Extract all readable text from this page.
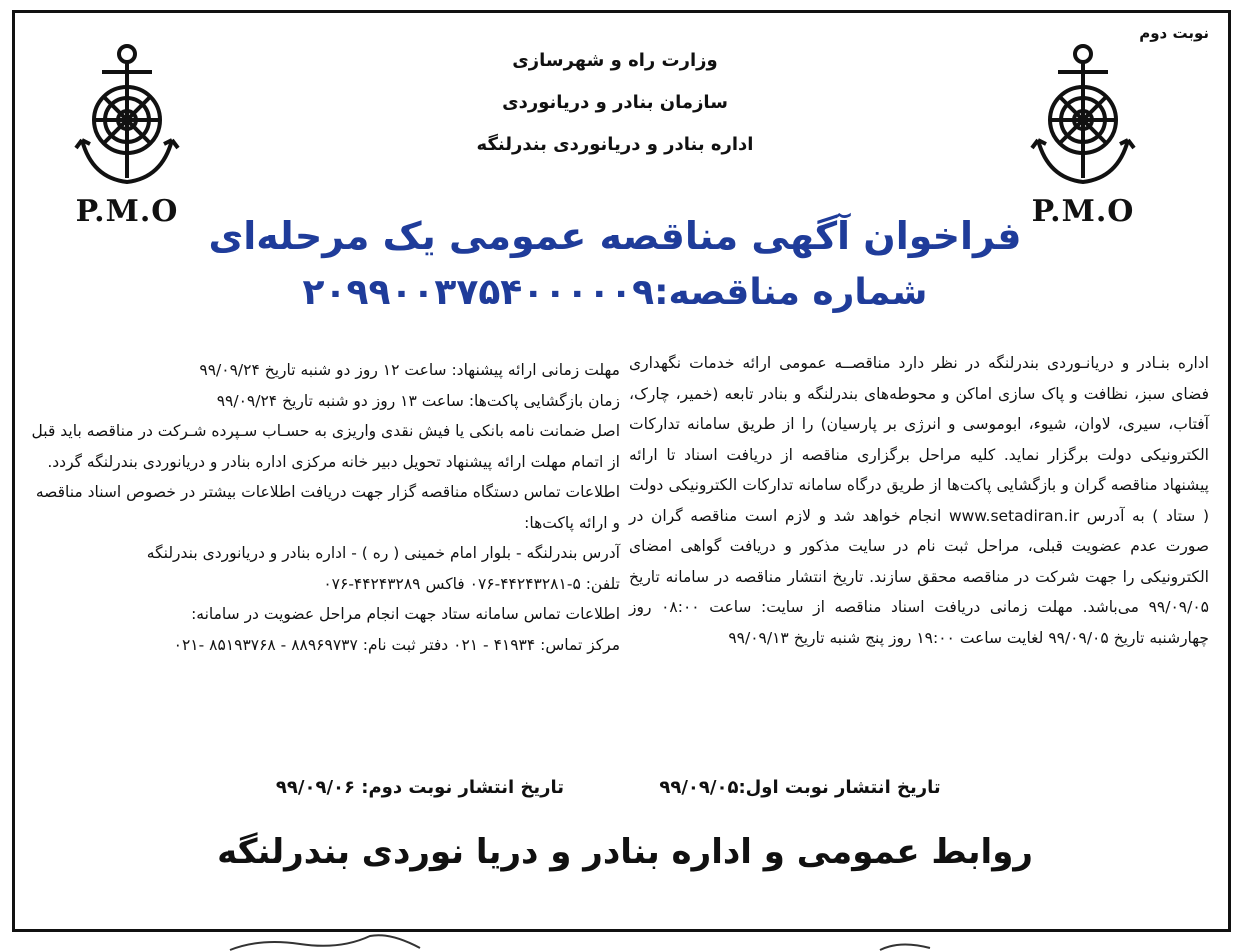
نوبت دوم
وزارت راه و شهرسازی
سازمان بنادر و دریانوردی
اداره بنادر و دریانوردی بندرلنگه
P.M.O	P.M.O
فراخوان آگهی مناقصه عمومی یک مرحله‌ای
شماره مناقصه:۲۰۹۹۰۰۳۷۵۴۰۰۰۰۰۹

اداره بنـادر و دریانـوردی بندرلنگه در نظر دارد مناقصــه عمومی ارائه خدمات نگهداری فضای سبز، نظافت و پاک سازی اماکن و محوطه‌های بندرلنگه و بنادر تابعه (خمیر، چارک، آفتاب، سیری، لاوان، شیوء، ابوموسی و انرژی بر پارسیان) را از طریق سامانه تدارکات الکترونیکی دولت برگزار نماید. کلیه مراحل برگزاری مناقصه از دریافت اسناد تا ارائه پیشنهاد مناقصه گران و بازگشایی پاکت‌ها از طریق درگاه سامانه تدارکات الکترونیکی دولت ( ستاد ) به آدرس www.setadiran.ir انجام خواهد شد و لازم است مناقصه گران در صورت عدم عضویت قبلی، مراحل ثبت نام در سایت مذکور و دریافت گواهی امضای الکترونیکی را جهت شرکت در مناقصه محقق سازند. تاریخ انتشار مناقصه در سامانه تاریخ ۹۹/۰۹/۰۵ می‌باشد. مهلت زمانی دریافت اسناد مناقصه از سایت: ساعت ۰۸:۰۰ روز چهارشنبه تاریخ ۹۹/۰۹/۰۵ لغایت ساعت ۱۹:۰۰ روز پنج شنبه تاریخ ۹۹/۰۹/۱۳

مهلت زمانی ارائه پیشنهاد: ساعت ۱۲ روز دو شنبه تاریخ ۹۹/۰۹/۲۴

زمان بازگشایی پاکت‌ها: ساعت ۱۳ روز دو شنبه تاریخ ۹۹/۰۹/۲۴

اصل ضمانت نامه بانکی یا فیش نقدی واریزی به حسـاب سـپرده شـرکت در مناقصه باید قبل از اتمام مهلت ارائه پیشنهاد تحویل دبیر خانه مرکزی اداره بنادر و دریانوردی بندرلنگه گردد.

اطلاعات تماس دستگاه مناقصه گزار جهت دریافت اطلاعات بیشتر در خصوص اسناد مناقصه و ارائه پاکت‌ها:

آدرس بندرلنگه - بلوار امام خمینی ( ره ) - اداره بنادر و دریانوردی بندرلنگه

تلفن: ۵-۴۴۲۴۳۲۸۱-۰۷۶ فاکس ۴۴۲۴۳۲۸۹-۰۷۶

اطلاعات تماس سامانه ستاد جهت انجام مراحل عضویت در سامانه:

مرکز تماس: ۴۱۹۳۴ - ۰۲۱ دفتر ثبت نام: ۸۸۹۶۹۷۳۷ - ۸۵۱۹۳۷۶۸ -۰۲۱

تاریخ انتشار نوبت اول:۹۹/۰۹/۰۵
تاریخ انتشار نوبت دوم: ۹۹/۰۹/۰۶
روابط عمومی و اداره بنادر و دریا نوردی بندرلنگه
